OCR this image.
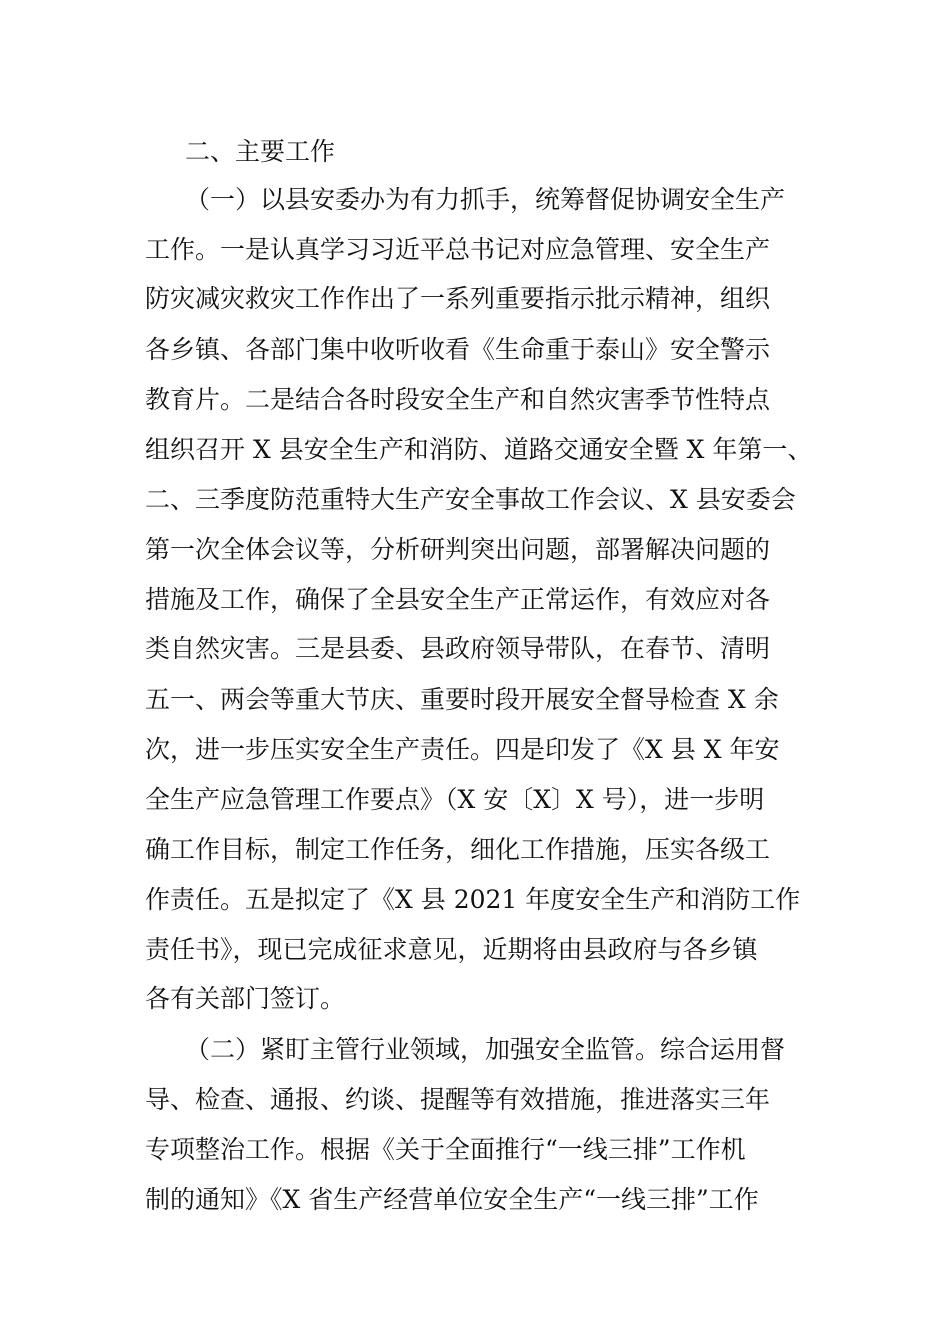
二、主要工作
（一）以县安委办为有力抓手，统筹督促协调安全生产
工作。一是认真学习习近平总书记对应急管理、安全生产
防灾减灾救灾工作作出了一系列重要指示批示精神，组织
各乡镇、各部门集中收听收看《生命重于泰山》安全警示
教育片。二是结合各时段安全生产和自然灾害季节性特点
组织召开 X 县安全生产和消防、道路交通安全暨 X 年第一、
二、三季度防范重特大生产安全事故工作会议、X 县安委会
第一次全体会议等，分析研判突出问题，部署解决问题的
措施及工作，确保了全县安全生产正常运作，有效应对各
类自然灾害。三是县委、县政府领导带队，在春节、清明
五一、两会等重大节庆、重要时段开展安全督导检查 X 余
次，进一步压实安全生产责任。四是印发了《X 县 X 年安
全生产应急管理工作要点》（X 安〔X〕X 号），进一步明
确工作目标，制定工作任务，细化工作措施，压实各级工
作责任。五是拟定了《X 县 2021 年度安全生产和消防工作
责任书》，现已完成征求意见，近期将由县政府与各乡镇
各有关部门签订。
（二）紧盯主管行业领域，加强安全监管。综合运用督
导、检查、通报、约谈、提醒等有效措施，推进落实三年
专项整治工作。根据《关于全面推行“一线三排”工作机
制的通知》《X 省生产经营单位安全生产“一线三排”工作
